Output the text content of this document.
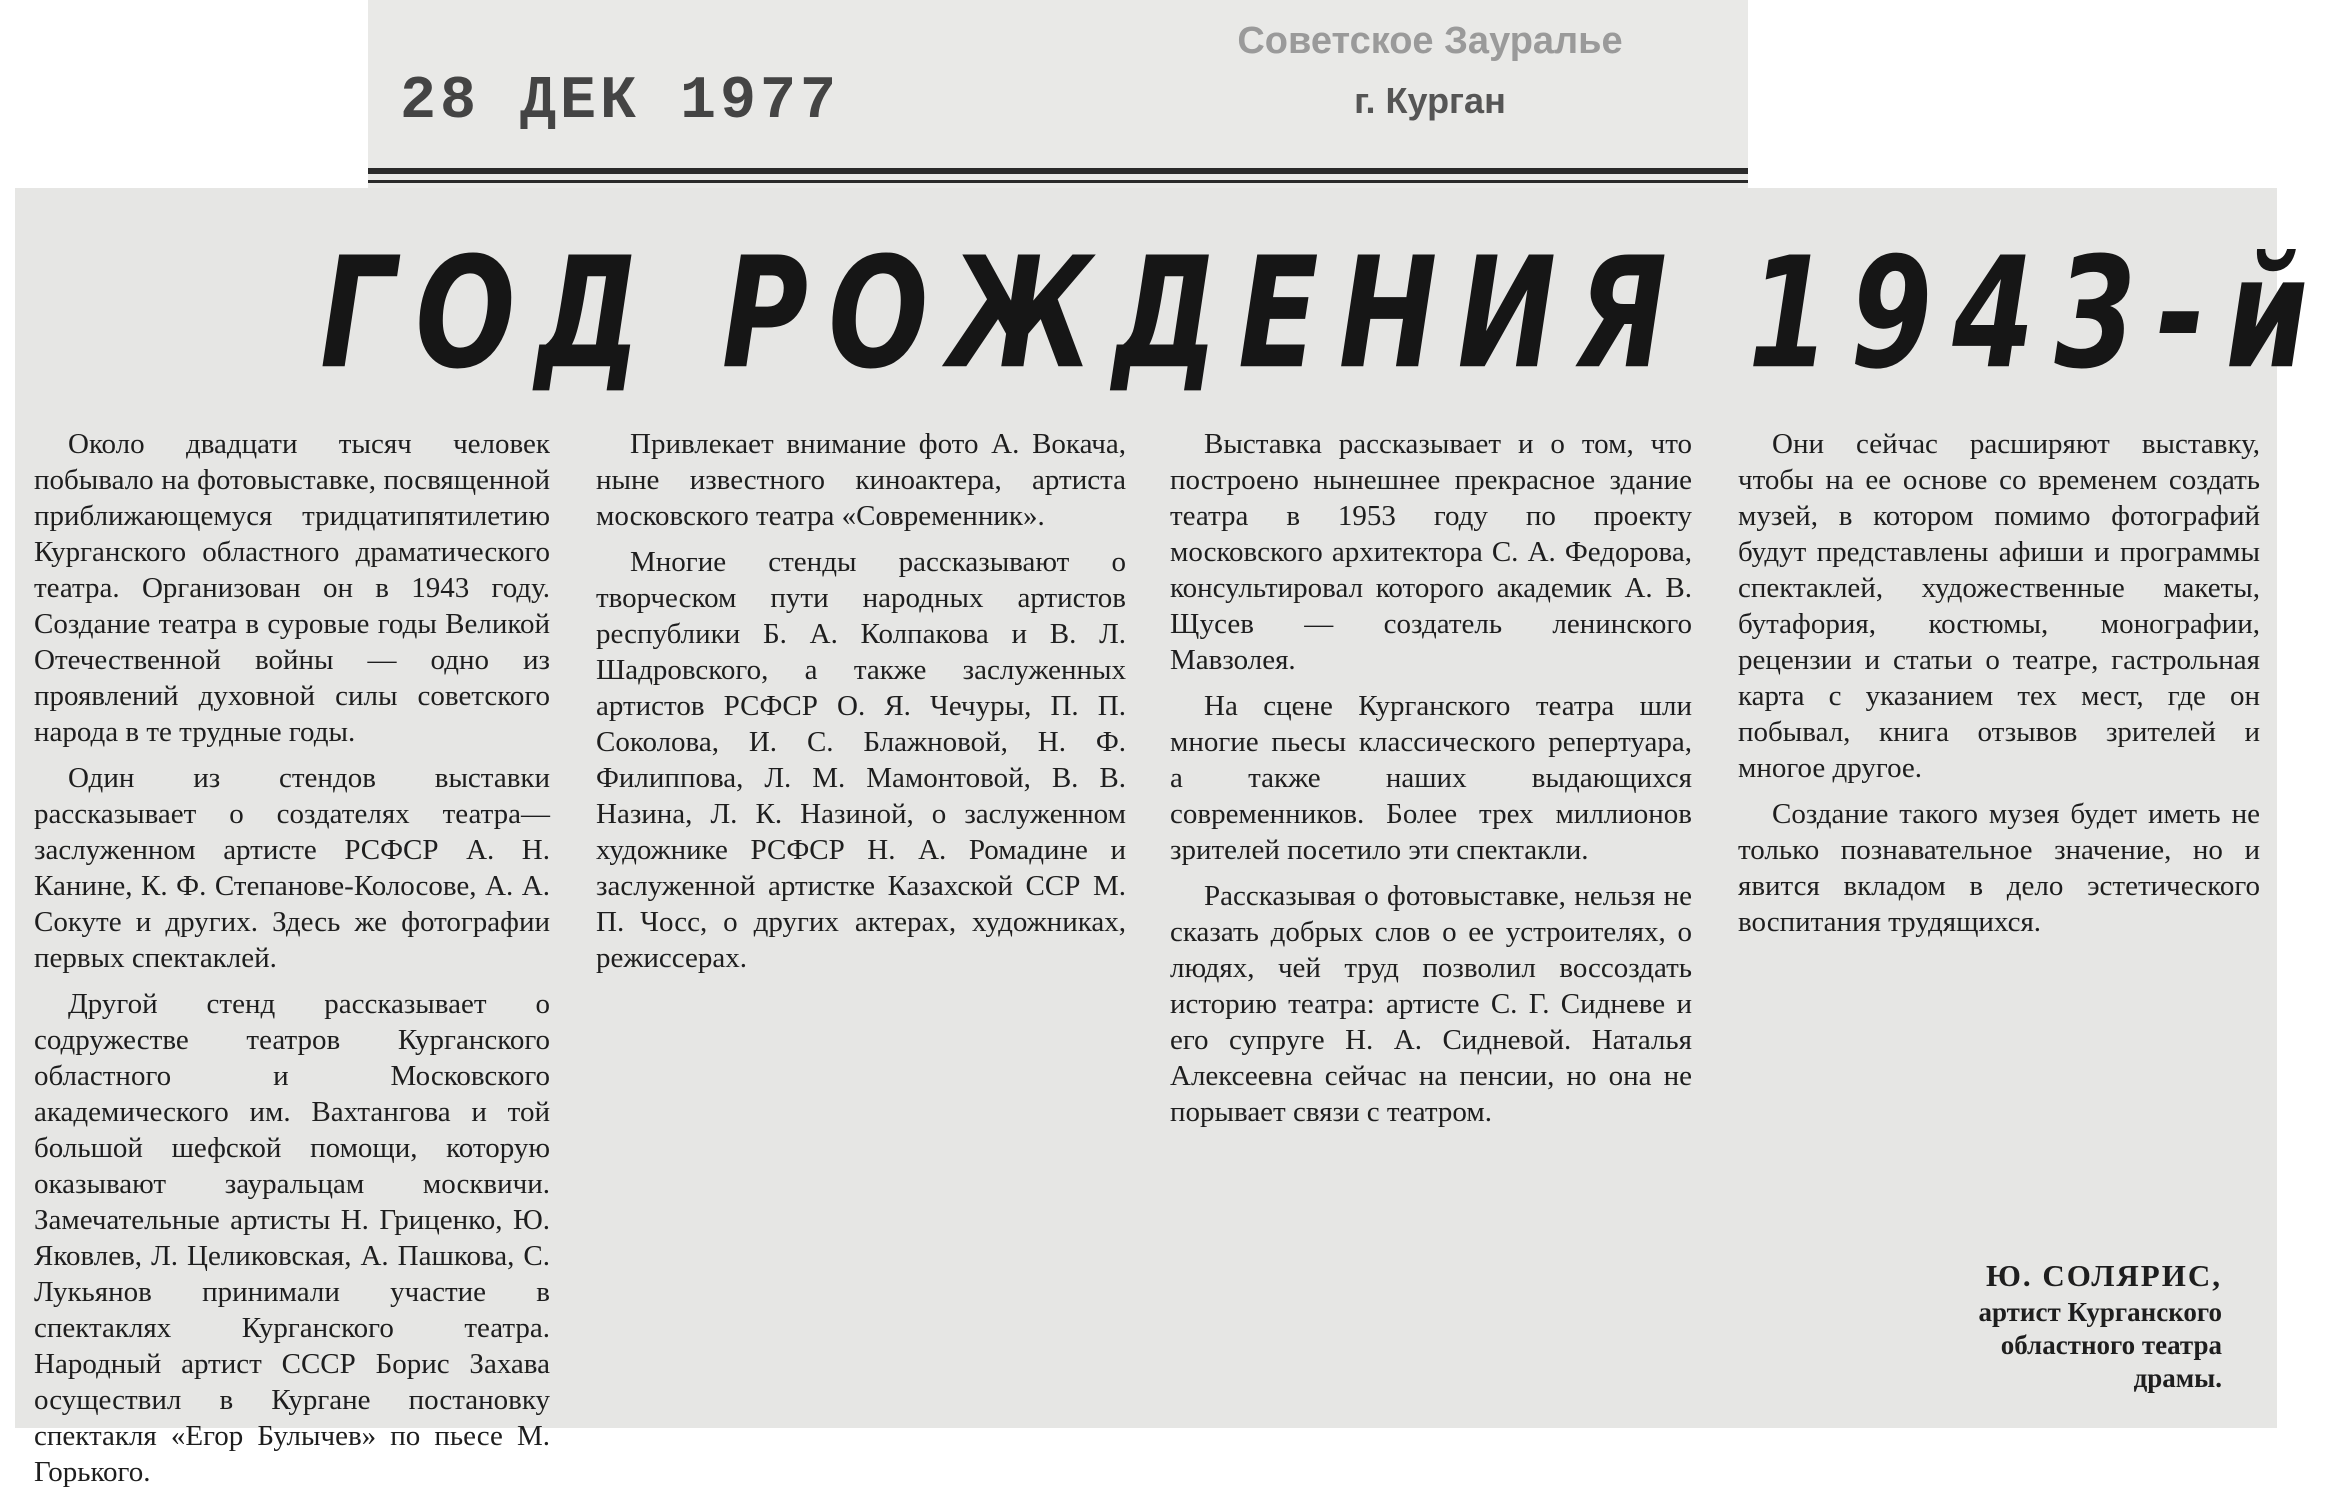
28 ДЕК 1977
Советское Зауралье
г. Курган
ГОД РОЖДЕНИЯ 1943-й

Около двадцати тысяч человек побывало на фотовыставке, посвященной приближающемуся тридцатипятилетию Курганского областного драматического театра. Организован он в 1943 году. Создание театра в суровые годы Великой Отечественной войны — одно из проявлений духовной силы советского народа в те трудные годы.

Один из стендов выставки рассказывает о создателях театра—заслуженном артисте РСФСР А. Н. Канине, К. Ф. Степанове-Колосове, А. А. Сокуте и других. Здесь же фотографии первых спектаклей.

Другой стенд рассказывает о содружестве театров Курганского областного и Московского академического им. Вахтангова и той большой шефской помощи, которую оказывают зауральцам москвичи. Замечательные артисты Н. Гриценко, Ю. Яковлев, Л. Целиковская, А. Пашкова, С. Лукьянов принимали участие в спектаклях Курганского театра. Народный артист СССР Борис Захава осуществил в Кургане постановку спектакля «Егор Булычев» по пьесе М. Горького.

Привлекает внимание фото А. Вокача, ныне известного киноактера, артиста московского театра «Современник».

Многие стенды рассказывают о творческом пути народных артистов республики Б. А. Колпакова и В. Л. Шадровского, а также заслуженных артистов РСФСР О. Я. Чечуры, П. П. Соколова, И. С. Блажновой, Н. Ф. Филиппова, Л. М. Мамонтовой, В. В. Назина, Л. К. Назиной, о заслуженном художнике РСФСР Н. А. Ромадине и заслуженной артистке Казахской ССР М. П. Чосс, о других актерах, художниках, режиссерах.

Выставка рассказывает и о том, что построено нынешнее прекрасное здание театра в 1953 году по проекту московского архитектора С. А. Федорова, консультировал которого академик А. В. Щусев — создатель ленинского Мавзолея.

На сцене Курганского театра шли многие пьесы классического репертуара, а также наших выдающихся современников. Более трех миллионов зрителей посетило эти спектакли.

Рассказывая о фотовыставке, нельзя не сказать добрых слов о ее устроителях, о людях, чей труд позволил воссоздать историю театра: артисте С. Г. Сидневе и его супруге Н. А. Сидневой. Наталья Алексеевна сейчас на пенсии, но она не порывает связи с театром.

Они сейчас расширяют выставку, чтобы на ее основе со временем создать музей, в котором помимо фотографий будут представлены афиши и программы спектаклей, художественные макеты, бутафория, костюмы, монографии, рецензии и статьи о театре, гастрольная карта с указанием тех мест, где он побывал, книга отзывов зрителей и многое другое.

Создание такого музея будет иметь не только познавательное значение, но и явится вкладом в дело эстетического воспитания трудящихся.

Ю. СОЛЯРИС,
артист Курганского
областного театра
драмы.
